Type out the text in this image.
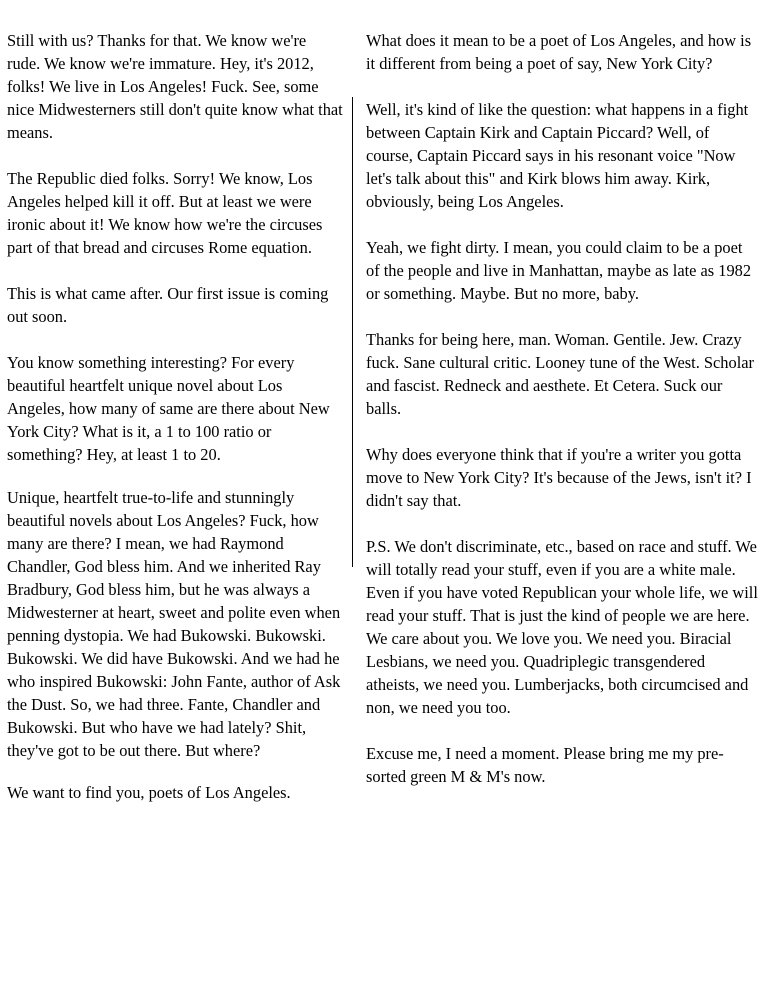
Still with us? Thanks for that. We know we're rude. We know we're immature. Hey, it's 2012, folks! We live in Los Angeles! Fuck. See, some nice Midwesterners still don't quite know what that means.

The Republic died folks. Sorry! We know, Los Angeles helped kill it off. But at least we were ironic about it! We know how we're the circuses part of that bread and circuses Rome equation.

This is what came after. Our first issue is coming out soon.

You know something interesting? For every beautiful heartfelt unique novel about Los Angeles, how many of same are there about New York City? What is it, a 1 to 100 ratio or something? Hey, at least 1 to 20.

Unique, heartfelt true-to-life and stunningly beautiful novels about Los Angeles? Fuck, how many are there? I mean, we had Raymond Chandler, God bless him. And we inherited Ray Bradbury, God bless him, but he was always a Midwesterner at heart, sweet and polite even when penning dystopia. We had Bukowski. Bukowski. Bukowski. We did have Bukowski. And we had he who inspired Bukowski: John Fante, author of Ask the Dust. So, we had three. Fante, Chandler and Bukowski. But who have we had lately? Shit, they've got to be out there. But where?

We want to find you, poets of Los Angeles.

What does it mean to be a poet of Los Angeles, and how is it different from being a poet of say, New York City?

Well, it's kind of like the question: what happens in a fight between Captain Kirk and Captain Piccard? Well, of course, Captain Piccard says in his resonant voice "Now let's talk about this" and Kirk blows him away. Kirk, obviously, being Los Angeles.

Yeah, we fight dirty. I mean, you could claim to be a poet of the people and live in Manhattan, maybe as late as 1982 or something. Maybe. But no more, baby.

Thanks for being here, man. Woman. Gentile. Jew. Crazy fuck. Sane cultural critic. Looney tune of the West. Scholar and fascist. Redneck and aesthete. Et Cetera. Suck our balls.

Why does everyone think that if you're a writer you gotta move to New York City? It's because of the Jews, isn't it? I didn't say that.

P.S. We don't discriminate, etc., based on race and stuff. We will totally read your stuff, even if you are a white male. Even if you have voted Republican your whole life, we will read your stuff. That is just the kind of people we are here. We care about you. We love you. We need you. Biracial Lesbians, we need you. Quadriplegic transgendered atheists, we need you. Lumberjacks, both circumcised and non, we need you too.

Excuse me, I need a moment. Please bring me my pre-sorted green M & M's now.
